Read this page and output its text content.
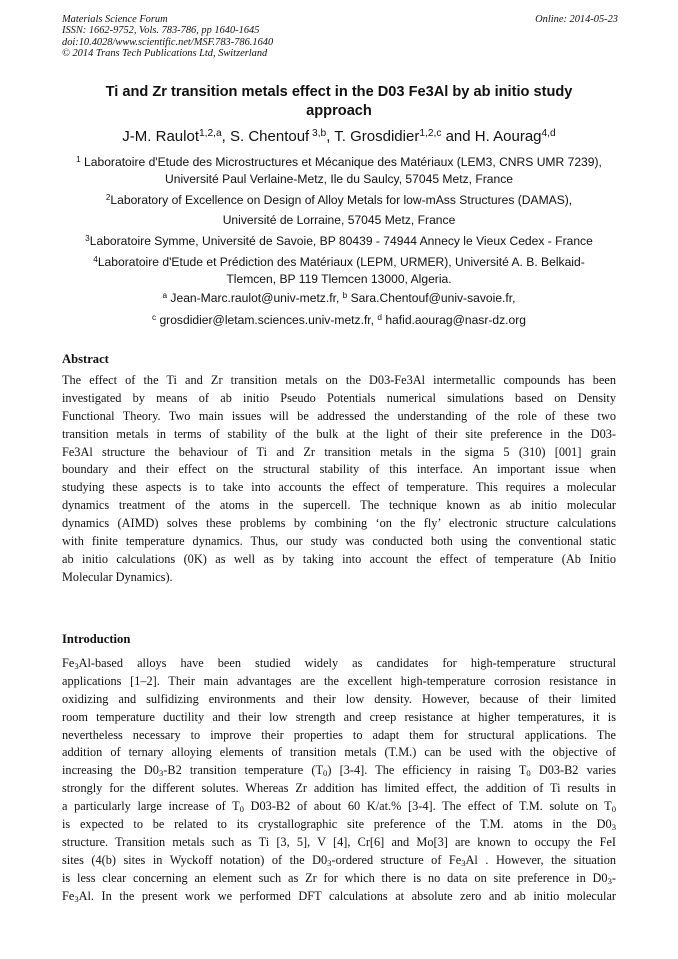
Materials Science Forum
ISSN: 1662-9752, Vols. 783-786, pp 1640-1645
doi:10.4028/www.scientific.net/MSF.783-786.1640
© 2014 Trans Tech Publications Ltd, Switzerland
Online: 2014-05-23
Ti and Zr transition metals effect in the D03 Fe3Al by ab initio study
approach
J-M. Raulot$^{1,2,a}$, S. Chentouf $^{3,b}$, T. Grosdidier$^{1,2,c}$ and H. Aourag$^{4,d}$
$^1$ Laboratoire d'Etude des Microstructures et Mécanique des Matériaux (LEM3, CNRS UMR 7239),
Université Paul Verlaine-Metz, Ile du Saulcy, 57045 Metz, France
$^2$Laboratory of Excellence on Design of Alloy Metals for low-mAss Structures (DAMAS),
Université de Lorraine, 57045 Metz, France
$^3$Laboratoire Symme, Université de Savoie, BP 80439 - 74944 Annecy le Vieux Cedex - France
$^4$Laboratoire d'Etude et Prédiction des Matériaux (LEPM, URMER), Université A. B. Belkaid-
Tlemcen, BP 119 Tlemcen 13000, Algeria.
$^a$ Jean-Marc.raulot@univ-metz.fr, $^b$ Sara.Chentouf@univ-savoie.fr,
$^c$ grosdidier@letam.sciences.univ-metz.fr, $^d$ hafid.aourag@nasr-dz.org
Abstract
The effect of the Ti and Zr transition metals on the D03-Fe3Al intermetallic compounds has been
investigated by means of ab initio Pseudo Potentials numerical simulations based on Density
Functional Theory. Two main issues will be addressed the understanding of the role of these two
transition metals in terms of stability of the bulk at the light of their site preference in the D03-
Fe3Al structure the behaviour of Ti and Zr transition metals in the sigma 5 (310) [001] grain
boundary and their effect on the structural stability of this interface. An important issue when
studying these aspects is to take into accounts the effect of temperature. This requires a molecular
dynamics treatment of the atoms in the supercell. The technique known as ab initio molecular
dynamics (AIMD) solves these problems by combining ‘on the fly’ electronic structure calculations
with finite temperature dynamics. Thus, our study was conducted both using the conventional static
ab initio calculations (0K) as well as by taking into account the effect of temperature (Ab Initio
Molecular Dynamics).
Introduction
$Fe_3Al$-based alloys have been studied widely as candidates for high-temperature structural
applications [1–2]. Their main advantages are the excellent high-temperature corrosion resistance in
oxidizing and sulfidizing environments and their low density. However, because of their limited
room temperature ductility and their low strength and creep resistance at higher temperatures, it is
nevertheless necessary to improve their properties to adapt them for structural applications. The
addition of ternary alloying elements of transition metals (T.M.) can be used with the objective of
increasing the $D0_3-B2$ transition temperature $(T_0)$ [3-4]. The efficiency in raising $T_0$ D03-B2 varies
strongly for the different solutes. Whereas Zr addition has limited effect, the addition of Ti results in
a particularly large increase of $T_0$ D03-B2 of about 60 K/at.% [3-4]. The effect of T.M. solute on $T_0$
is expected to be related to its crystallographic site preference of the T.M. atoms in the $D0_3$
structure. Transition metals such as Ti [3, 5], V [4], Cr[6] and Mo[3] are known to occupy the FeI
sites (4(b) sites in Wyckoff notation) of the $D0_3$-ordered structure of $Fe_3Al$ . However, the situation
is less clear concerning an element such as Zr for which there is no data on site preference in $D0_3-$
$Fe_3Al$. In the present work we performed DFT calculations at absolute zero and ab initio molecular
